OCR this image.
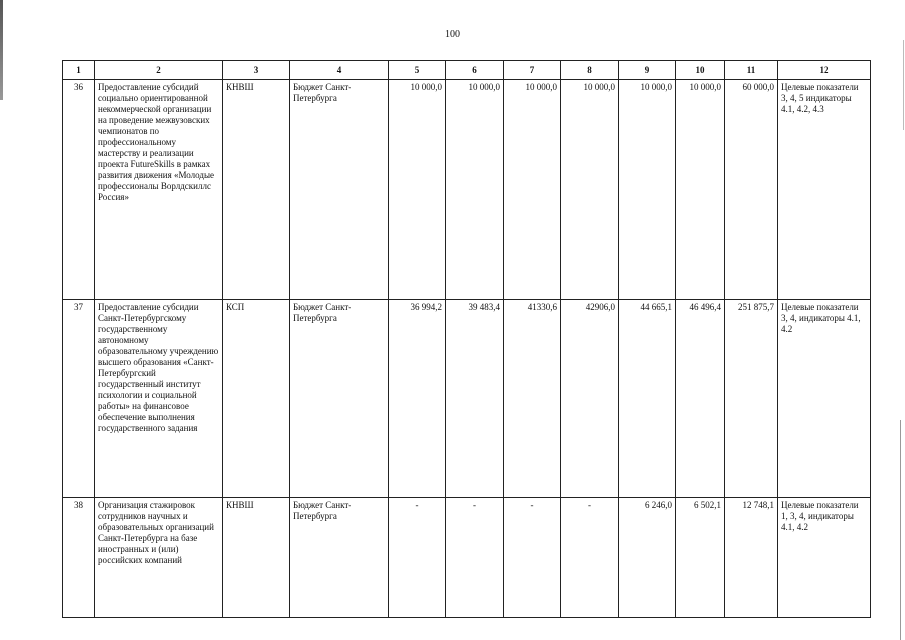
100
1	2	3	4	5	6	7	8	9	10	11	12
36	Предоставление субсидий социально ориентированной некоммерческой организации на проведение межвузовских чемпионатов по профессиональному мастерству и реализации проекта FutureSkills в рамках развития движения «Молодые профессионалы Ворлдскиллс Россия»	КНВШ	Бюджет Санкт-Петербурга	10 000,0	10 000,0	10 000,0	10 000,0	10 000,0	10 000,0	60 000,0	Целевые показатели 3, 4, 5 индикаторы 4.1, 4.2, 4.3
37	Предоставление субсидии Санкт-Петербургскому государственному автономному образовательному учреждению высшего образования «Санкт-Петербургский государственный институт психологии и социальной работы» на финансовое обеспечение выполнения государственного задания	КСП	Бюджет Санкт-Петербурга	36 994,2	39 483,4	41330,6	42906,0	44 665,1	46 496,4	251 875,7	Целевые показатели 3, 4, индикаторы 4.1, 4.2
38	Организация стажировок сотрудников научных и образовательных организаций Санкт-Петербурга на базе иностранных и (или) российских компаний	КНВШ	Бюджет Санкт-Петербурга	-	-	-	-	6 246,0	6 502,1	12 748,1	Целевые показатели 1, 3, 4, индикаторы 4.1, 4.2
